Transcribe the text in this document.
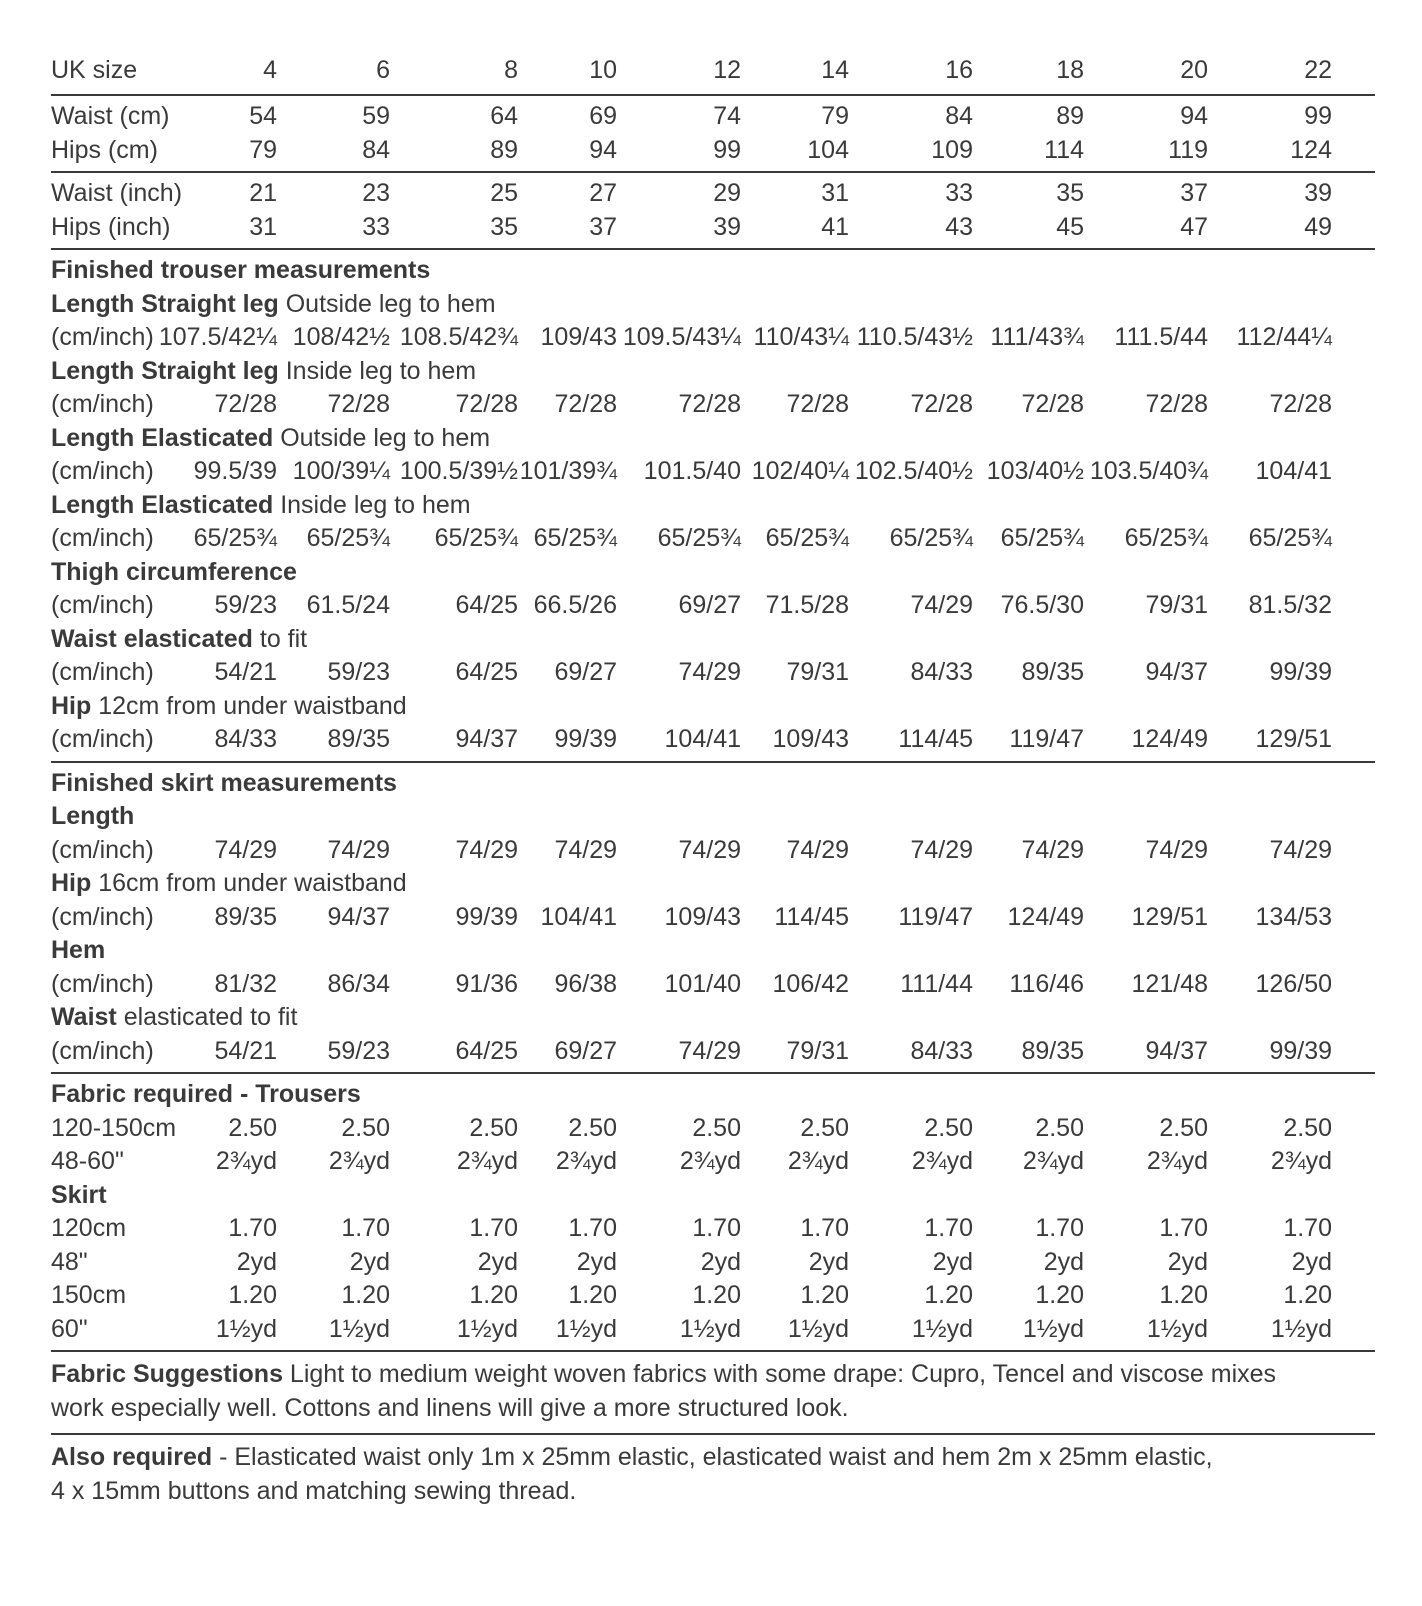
UK size	4	6	8	10	12	14	16	18	20	22
Waist (cm)	54	59	64	69	74	79	84	89	94	99
Hips (cm)	79	84	89	94	99	104	109	114	119	124
Waist (inch)	21	23	25	27	29	31	33	35	37	39
Hips (inch)	31	33	35	37	39	41	43	45	47	49
Finished trouser measurements
Length Straight leg Outside leg to hem
(cm/inch) 107.5/42¼ 108/42½ 108.5/42¾ 109/43 109.5/43¼ 110/43¼ 110.5/43½ 111/43¾ 111.5/44 112/44¼
Length Straight leg Inside leg to hem
(cm/inch) 72/28 72/28	72/28 72/28 72/28 72/28 72/28 72/28 72/28 72/28
Length Elasticated Outside leg to hem
(cm/inch) 99.5/39 100/39¼ 100.5/39½ 101/39¾ 101.5/40 102/40¼ 102.5/40½ 103/40½ 103.5/40¾ 104/41
Length Elasticated Inside leg to hem
(cm/inch) 65/25¾ 65/25¾ 65/25¾ 65/25¾ 65/25¾ 65/25¾ 65/25¾ 65/25¾ 65/25¾ 65/25¾
Thigh circumference
(cm/inch) 59/23 61.5/24	64/25 66.5/26 69/27 71.5/28 74/29 76.5/30 79/31 81.5/32
Waist elasticated to fit
(cm/inch) 54/21 59/23	64/25 69/27 74/29 79/31 84/33 89/35 94/37 99/39
Hip 12cm from under waistband
(cm/inch) 84/33 89/35	94/37 99/39 104/41 109/43 114/45 119/47 124/49 129/51
Finished skirt measurements
Length
(cm/inch) 74/29 74/29	74/29 74/29 74/29 74/29 74/29 74/29 74/29 74/29
Hip 16cm from under waistband
(cm/inch) 89/35 94/37	99/39 104/41 109/43 114/45 119/47 124/49 129/51 134/53
Hem
(cm/inch) 81/32 86/34	91/36 96/38 101/40 106/42 111/44 116/46 121/48 126/50
Waist elasticated to fit
(cm/inch) 54/21 59/23	64/25 69/27 74/29 79/31 84/33 89/35 94/37 99/39
Fabric required - Trousers
120-150cm 2.50	2.50	2.50 2.50	2.50 2.50	2.50 2.50	2.50	2.50
48-60"	2¾yd 2¾yd	2¾yd 2¾yd	2¾yd 2¾yd	2¾yd 2¾yd	2¾yd	2¾yd
Skirt
120cm	1.70	1.70	1.70 1.70	1.70 1.70	1.70 1.70	1.70	1.70
48"	2yd	2yd	2yd 2yd	2yd	2yd	2yd	2yd	2yd	2yd
150cm	1.20	1.20	1.20 1.20	1.20 1.20	1.20 1.20	1.20	1.20
60"	1½yd 1½yd	1½yd 1½yd	1½yd 1½yd	1½yd 1½yd	1½yd	1½yd
Fabric Suggestions Light to medium weight woven fabrics with some drape: Cupro, Tencel and viscose mixes
work especially well. Cottons and linens will give a more structured look.
Also required - Elasticated waist only 1m x 25mm elastic, elasticated waist and hem 2m x 25mm elastic,
4 x 15mm buttons and matching sewing thread.
